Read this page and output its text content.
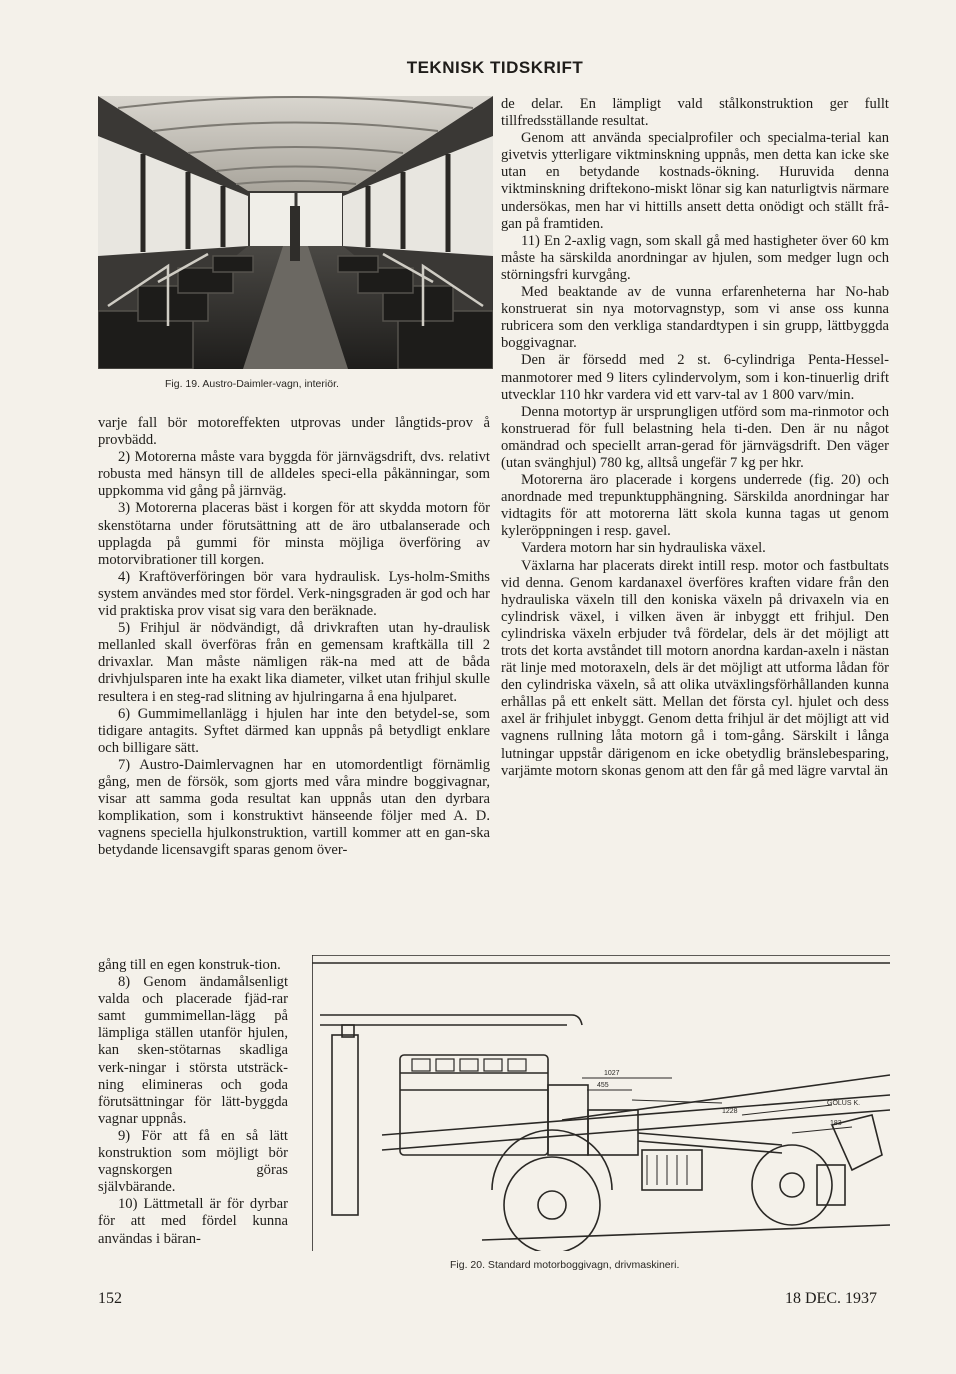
TEKNISK TIDSKRIFT
Fig. 19. Austro-Daimler-vagn, interiör.

varje fall bör motoreffekten utprovas under långtids-prov å provbädd.

2) Motorerna måste vara byggda för järnvägsdrift, dvs. relativt robusta med hänsyn till de alldeles speci-ella påkänningar, som uppkomma vid gång på järnväg.

3) Motorerna placeras bäst i korgen för att skydda motorn för skenstötarna under förutsättning att de äro utbalanserade och upplagda på gummi för minsta möjliga överföring av motorvibrationer till korgen.

4) Kraftöverföringen bör vara hydraulisk. Lys-holm-Smiths system användes med stor fördel. Verk-ningsgraden är god och har vid praktiska prov visat sig vara den beräknade.

5) Frihjul är nödvändigt, då drivkraften utan hy-draulisk mellanled skall överföras från en gemensam kraftkälla till 2 drivaxlar. Man måste nämligen räk-na med att de båda drivhjulsparen inte ha exakt lika diameter, vilket utan frihjul skulle resultera i en steg-rad slitning av hjulringarna å ena hjulparet.

6) Gummimellanlägg i hjulen har inte den betydel-se, som tidigare antagits. Syftet därmed kan uppnås på betydligt enklare och billigare sätt.

7) Austro-Daimlervagnen har en utomordentligt förnämlig gång, men de försök, som gjorts med våra mindre boggivagnar, visar att samma goda resultat kan uppnås utan den dyrbara komplikation, som i konstruktivt hänseende följer med A. D. vagnens speciella hjulkonstruktion, vartill kommer att en gan-ska betydande licensavgift sparas genom över-

gång till en egen konstruk-tion.

8) Genom ändamålsenligt valda och placerade fjäd-rar samt gummimellan-lägg på lämpliga ställen utanför hjulen, kan sken-stötarnas skadliga verk-ningar i största utsträck-ning elimineras och goda förutsättningar för lätt-byggda vagnar uppnås.

9) För att få en så lätt konstruktion som möjligt bör vagnskorgen göras självbärande.

10) Lättmetall är för dyrbar för att med fördel kunna användas i bäran-

de delar. En lämpligt vald stålkonstruktion ger fullt tillfredsställande resultat.

Genom att använda specialprofiler och specialma-terial kan givetvis ytterligare viktminskning uppnås, men detta kan icke ske utan en betydande kostnads-ökning. Huruvida denna viktminskning driftekono-miskt lönar sig kan naturligtvis närmare undersökas, men har vi hittills ansett detta onödigt och ställt frå-gan på framtiden.

11) En 2-axlig vagn, som skall gå med hastigheter över 60 km måste ha särskilda anordningar av hjulen, som medger lugn och störningsfri kurvgång.

Med beaktande av de vunna erfarenheterna har No-hab konstruerat sin nya motorvagnstyp, som vi anse oss kunna rubricera som den verkliga standardtypen i sin grupp, lättbyggda boggivagnar.

Den är försedd med 2 st. 6-cylindriga Penta-Hessel-manmotorer med 9 liters cylindervolym, som i kon-tinuerlig drift utvecklar 110 hkr vardera vid ett varv-tal av 1 800 varv/min.

Denna motortyp är ursprungligen utförd som ma-rinmotor och konstruerad för full belastning hela ti-den. Den är nu något omändrad och speciellt arran-gerad för järnvägsdrift. Den väger (utan svänghjul) 780 kg, alltså ungefär 7 kg per hkr.

Motorerna äro placerade i korgens underrede (fig. 20) och anordnade med trepunktupphängning. Särskilda anordningar har vidtagits för att motorerna lätt skola kunna tagas ut genom kyleröppningen i resp. gavel.

Vardera motorn har sin hydrauliska växel.

Växlarna har placerats direkt intill resp. motor och fastbultats vid denna. Genom kardanaxel överföres kraften vidare från den hydrauliska växeln till den koniska växeln på drivaxeln via en cylindrisk växel, i vilken även är inbyggt ett frihjul. Den cylindriska växeln erbjuder två fördelar, dels är det möjligt att trots det korta avståndet till motorn anordna kardan-axeln i nästan rät linje med motoraxeln, dels är det möjligt att utforma lådan för den cylindriska växeln, så att olika utväxlingsförhållanden kunna erhållas på ett enkelt sätt. Mellan det första cyl. hjulet och dess axel är frihjulet inbyggt. Genom detta frihjul är det möjligt att vid vagnens rullning låta motorn gå i tom-gång. Särskilt i långa lutningar uppstår därigenom en icke obetydlig bränslebesparing, varjämte motorn skonas genom att den får gå med lägre varvtal än

1027
455
1228
183
GÖLÜS K.
Fig. 20. Standard motorboggivagn, drivmaskineri.
152	18 DEC. 1937
